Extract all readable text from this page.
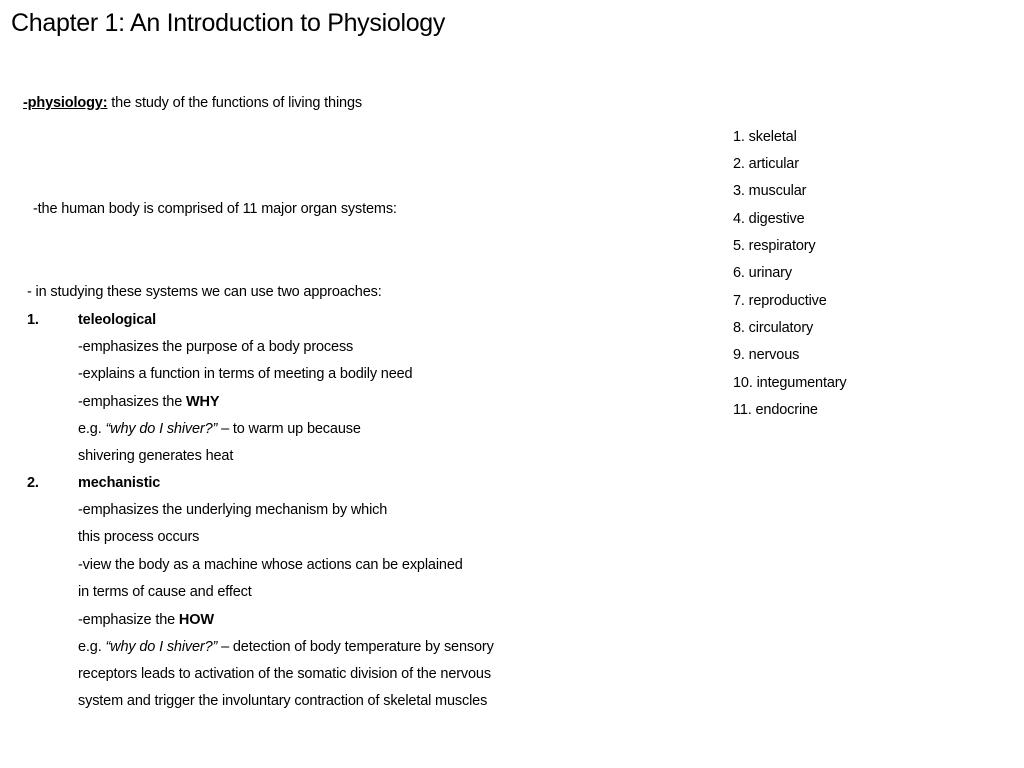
Chapter 1: An Introduction to Physiology
-physiology: the study of the functions of living things
-the human body is comprised of 11 major organ systems:
1. skeletal
2. articular
3. muscular
4. digestive
5. respiratory
6. urinary
7. reproductive
8. circulatory
9. nervous
10. integumentary
11. endocrine
- in studying these systems we can use two approaches:
1.	teleological
-emphasizes the purpose of a body process
-explains a function in terms of meeting a bodily need
-emphasizes the WHY
e.g. “why do I shiver?” – to warm up because
shivering generates heat
2.	mechanistic
-emphasizes the underlying mechanism by which
this process occurs
-view the body as a machine whose actions can be explained
in terms of cause and effect
-emphasize the HOW
e.g. “why do I shiver?” – detection of body temperature by sensory
receptors leads to activation of the somatic division of the nervous
system and trigger the involuntary contraction of skeletal muscles
